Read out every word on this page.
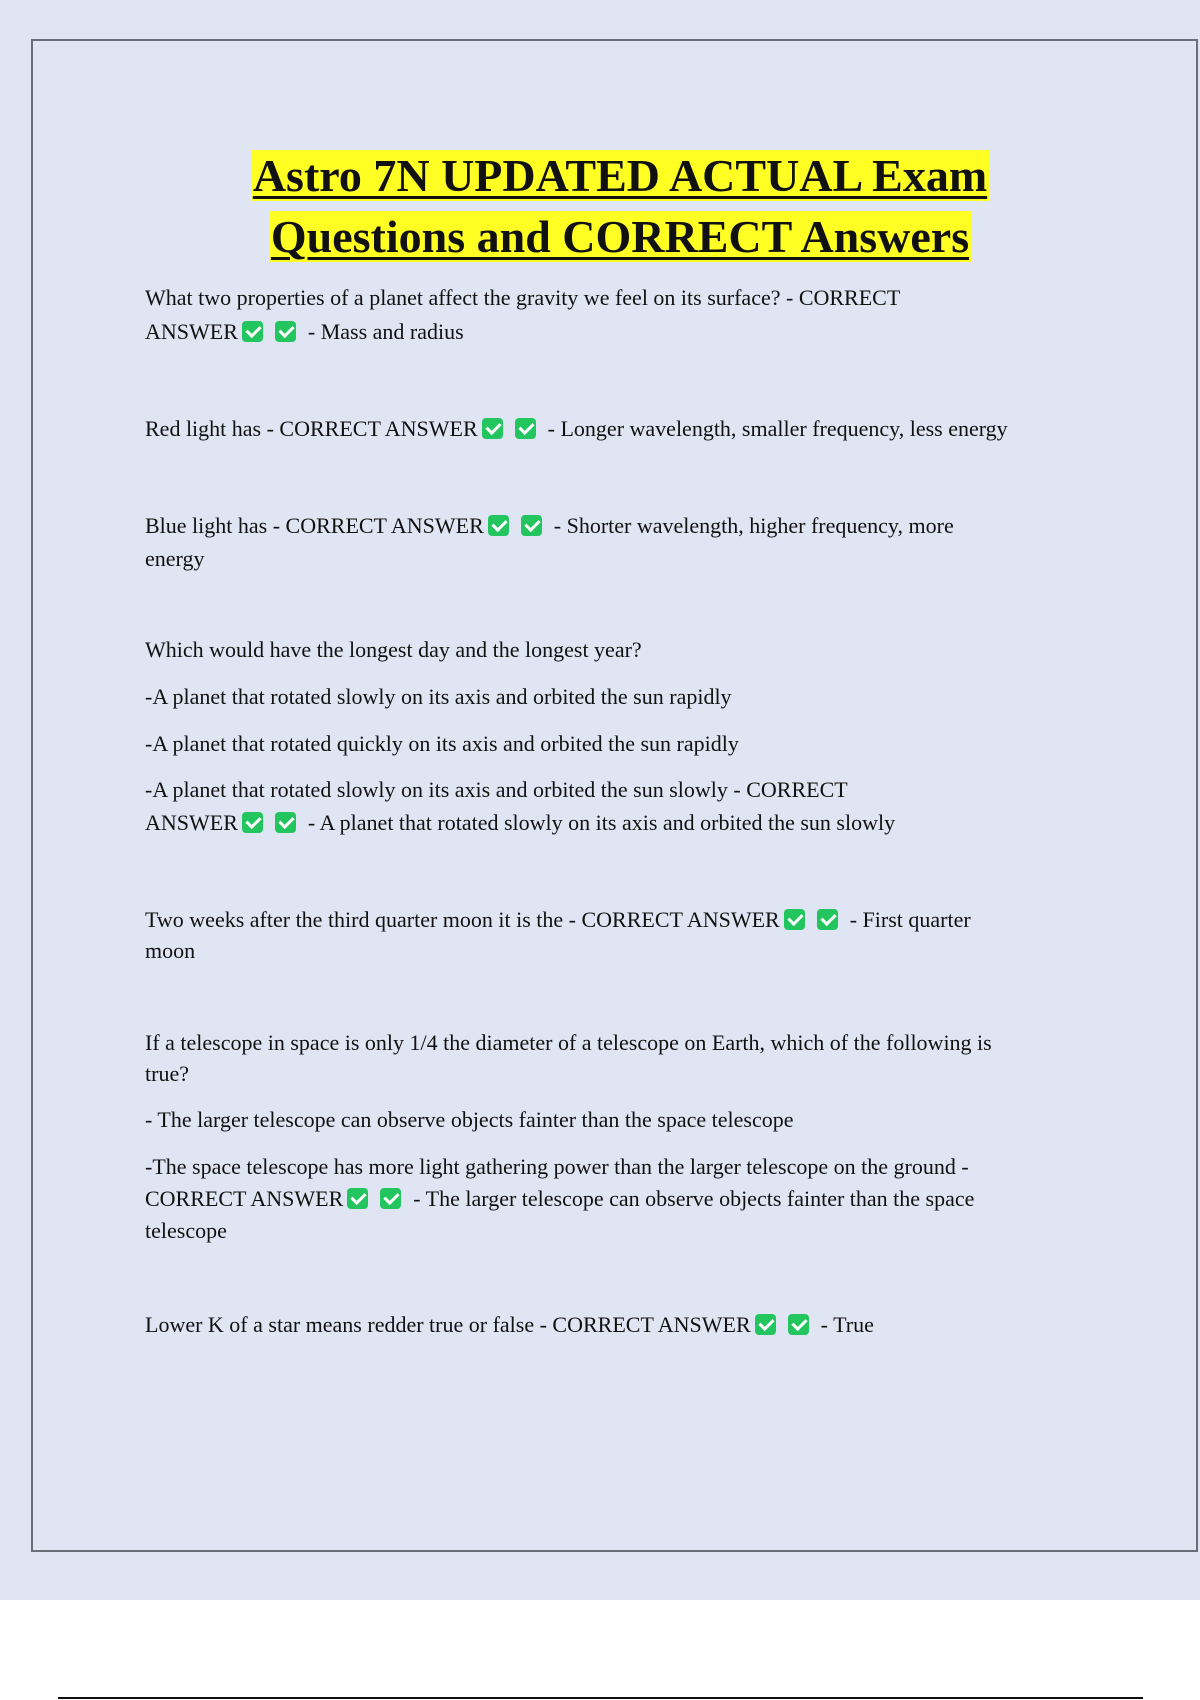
Astro 7N UPDATED ACTUAL Exam
Questions and CORRECT Answers
What two properties of a planet affect the gravity we feel on its surface? - CORRECT
ANSWER	- Mass and radius
Red light has - CORRECT ANSWER	- Longer wavelength, smaller frequency, less energy
Blue light has - CORRECT ANSWER	- Shorter wavelength, higher frequency, more
energy
Which would have the longest day and the longest year?
-A planet that rotated slowly on its axis and orbited the sun rapidly
-A planet that rotated quickly on its axis and orbited the sun rapidly
-A planet that rotated slowly on its axis and orbited the sun slowly - CORRECT
ANSWER	- A planet that rotated slowly on its axis and orbited the sun slowly
Two weeks after the third quarter moon it is the - CORRECT ANSWER	- First quarter
moon
If a telescope in space is only 1/4 the diameter of a telescope on Earth, which of the following is
true?
- The larger telescope can observe objects fainter than the space telescope
-The space telescope has more light gathering power than the larger telescope on the ground -
CORRECT ANSWER	- The larger telescope can observe objects fainter than the space
telescope
Lower K of a star means redder true or false - CORRECT ANSWER	- True
